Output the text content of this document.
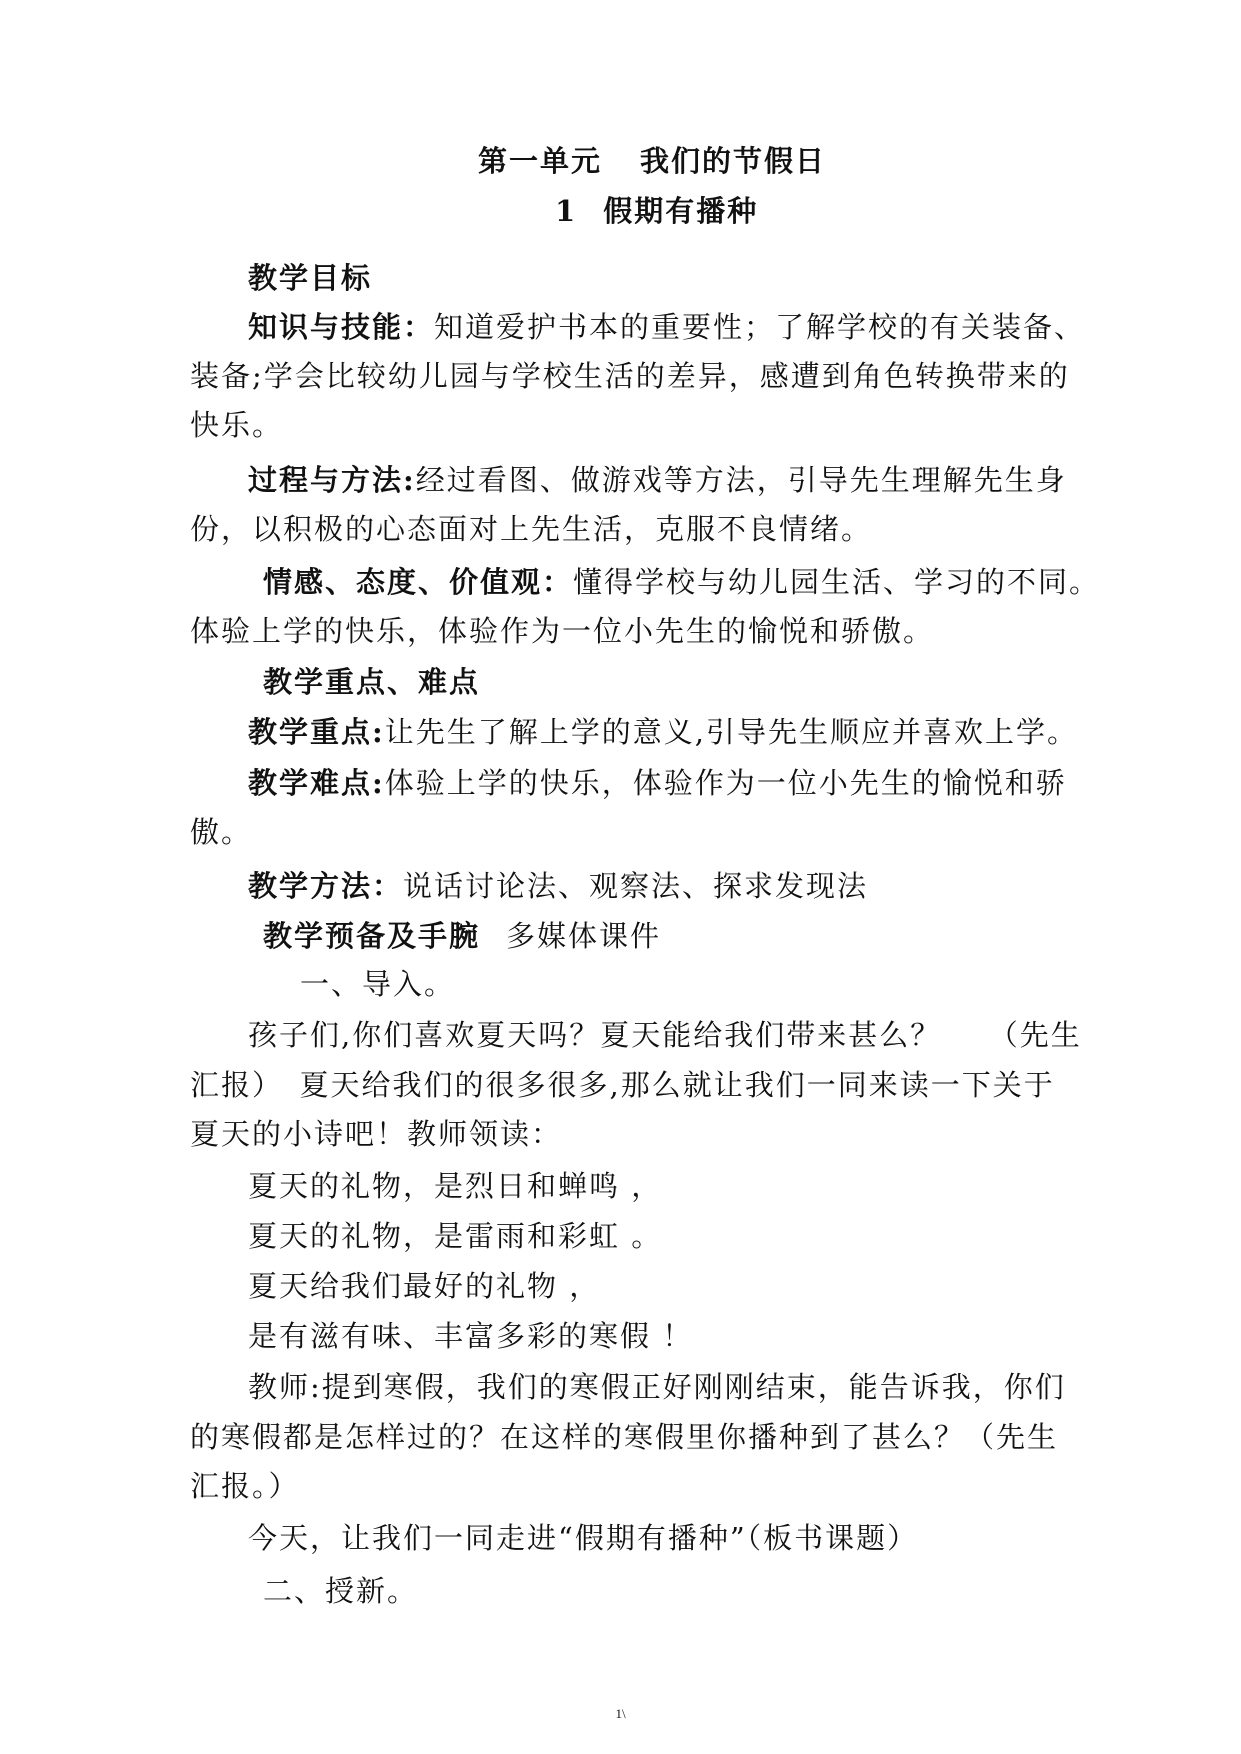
第一单元 我们的节假日
1 假期有播种
教学目标
知识与技能：知道爱护书本的重要性；了解学校的有关装备、
装备;学会比较幼儿园与学校生活的差异，感遭到角色转换带来的
快乐。
过程与方法:经过看图、做游戏等方法，引导先生理解先生身
份，以积极的心态面对上先生活，克服不良情绪。
情感、态度、价值观：懂得学校与幼儿园生活、学习的不同。
体验上学的快乐，体验作为一位小先生的愉悦和骄傲。
教学重点、难点
教学重点:让先生了解上学的意义,引导先生顺应并喜欢上学。
教学难点:体验上学的快乐，体验作为一位小先生的愉悦和骄
傲。
教学方法：说话讨论法、观察法、探求发现法
教学预备及手腕 多媒体课件
一、导入。
孩子们,你们喜欢夏天吗？夏天能给我们带来甚么？　　（先生
汇报）　夏天给我们的很多很多,那么就让我们一同来读一下关于
夏天的小诗吧！教师领读：
夏天的礼物，是烈日和蝉鸣 ，
夏天的礼物，是雷雨和彩虹 。
夏天给我们最好的礼物 ，
是有滋有味、丰富多彩的寒假 ！
教师:提到寒假，我们的寒假正好刚刚结束，能告诉我，你们
的寒假都是怎样过的？在这样的寒假里你播种到了甚么？（先生
汇报。）
今天，让我们一同走进“假期有播种”（板书课题）
二、授新。
1\
